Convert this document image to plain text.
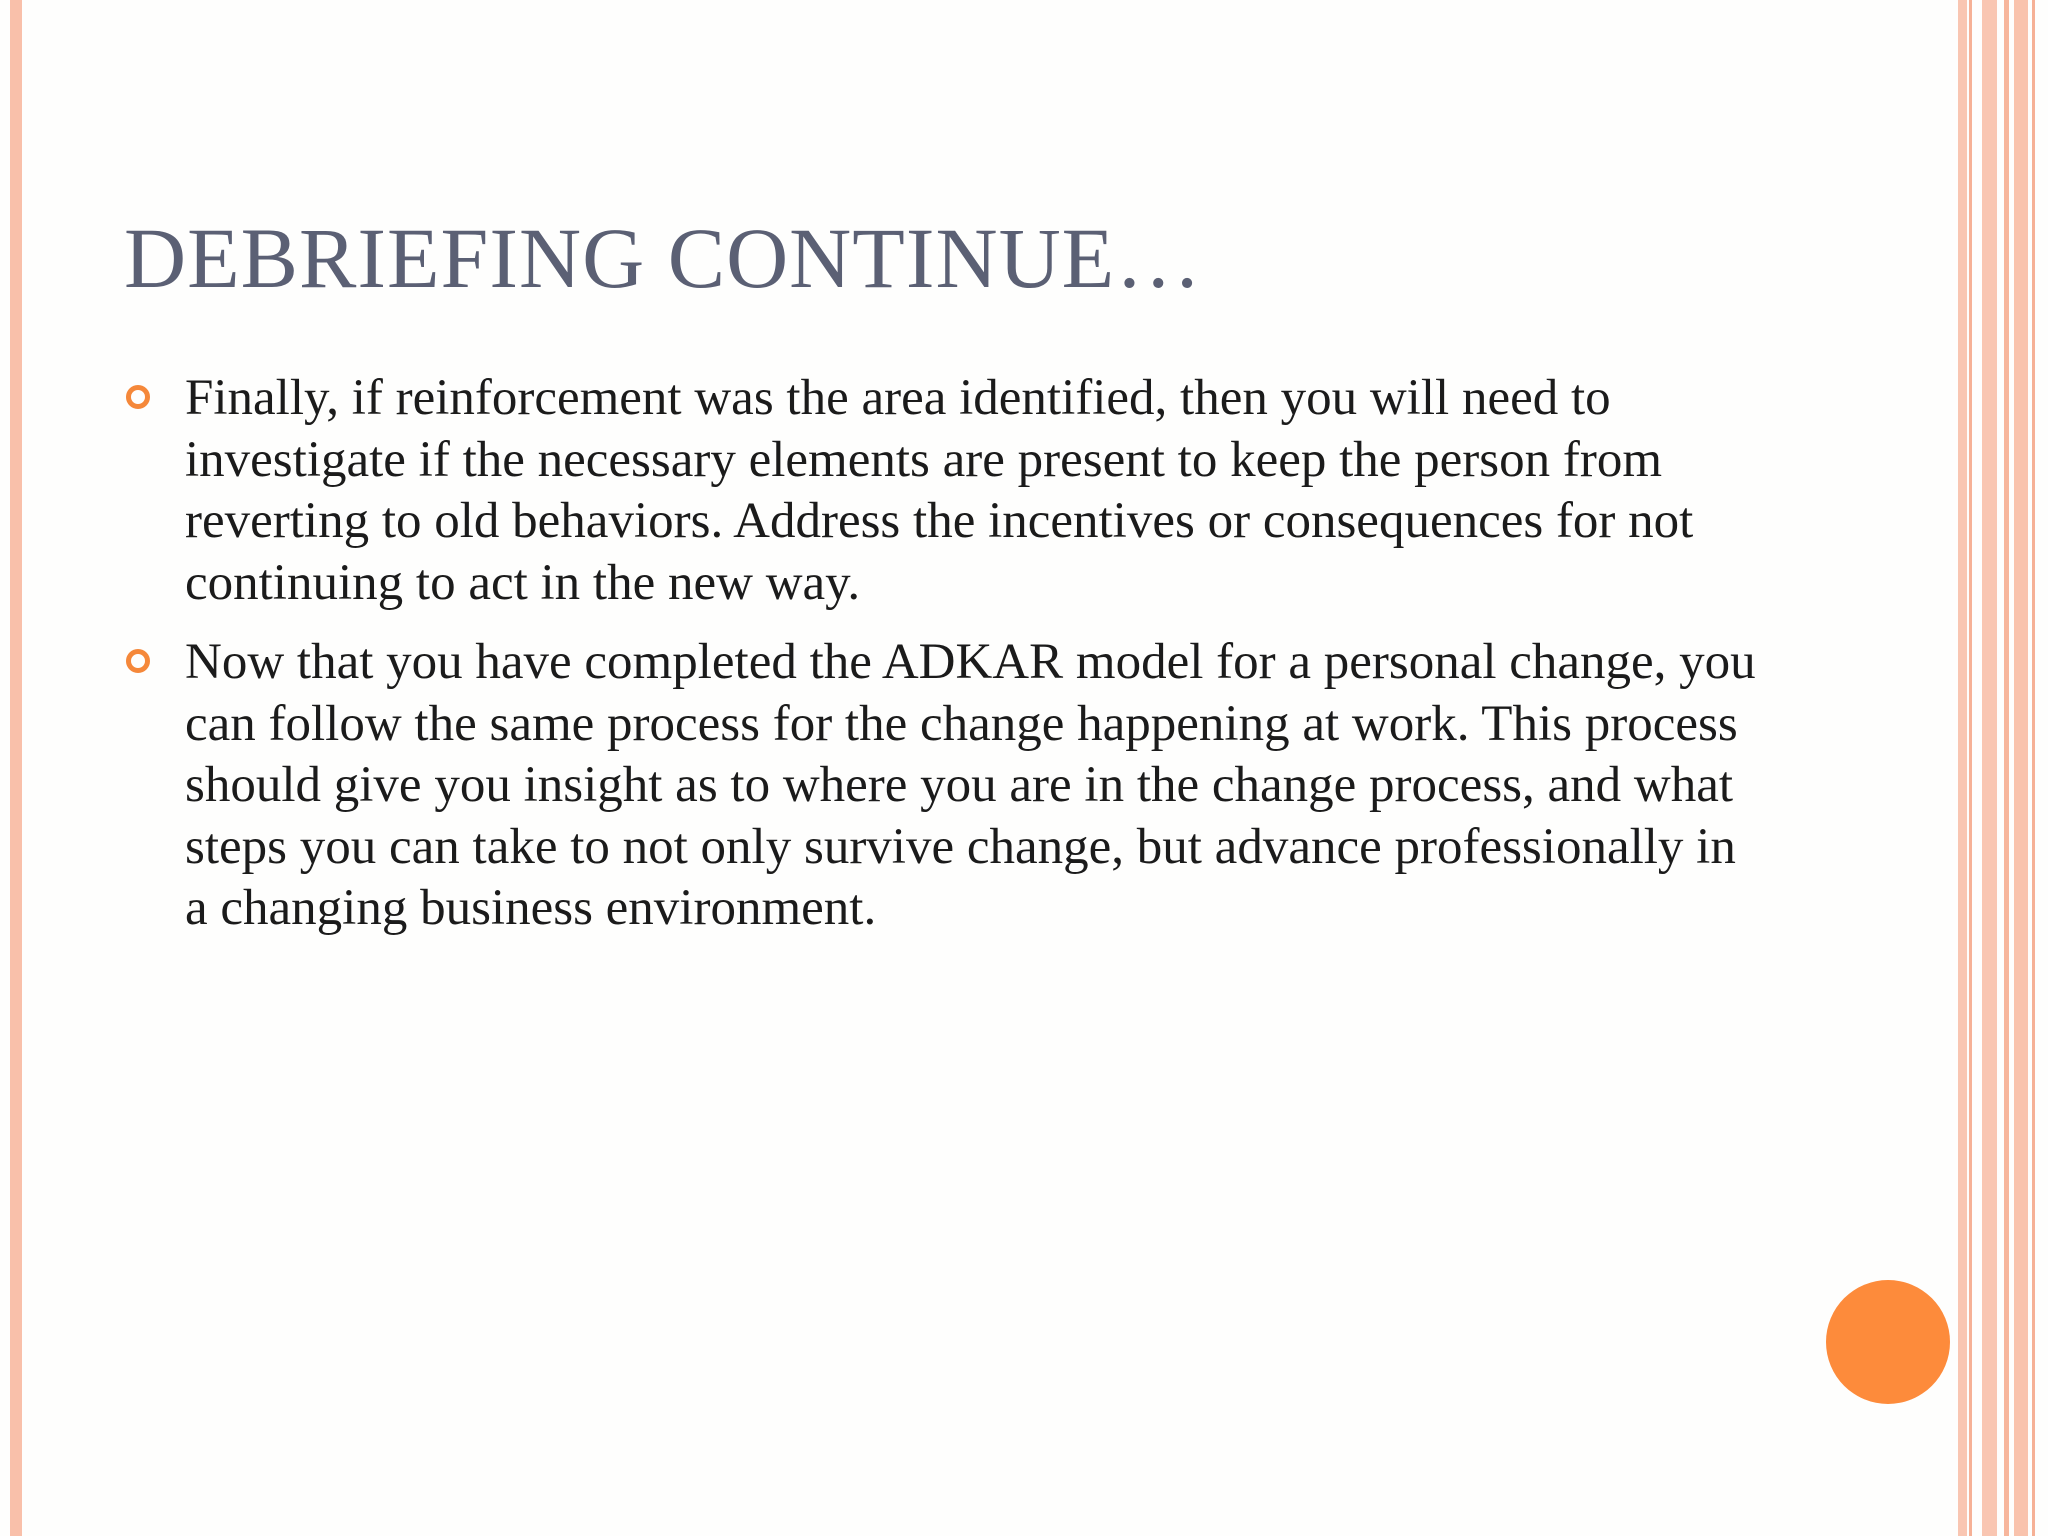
DEBRIEFING CONTINUE…
Finally, if reinforcement was the area identified, then you will need to investigate if the necessary elements are present to keep the person from reverting to old behaviors. Address the incentives or consequences for not continuing to act in the new way.
Now that you have completed the ADKAR model for a personal change, you can follow the same process for the change happening at work. This process should give you insight as to where you are in the change process, and what steps you can take to not only survive change, but advance professionally in a changing business environment.
